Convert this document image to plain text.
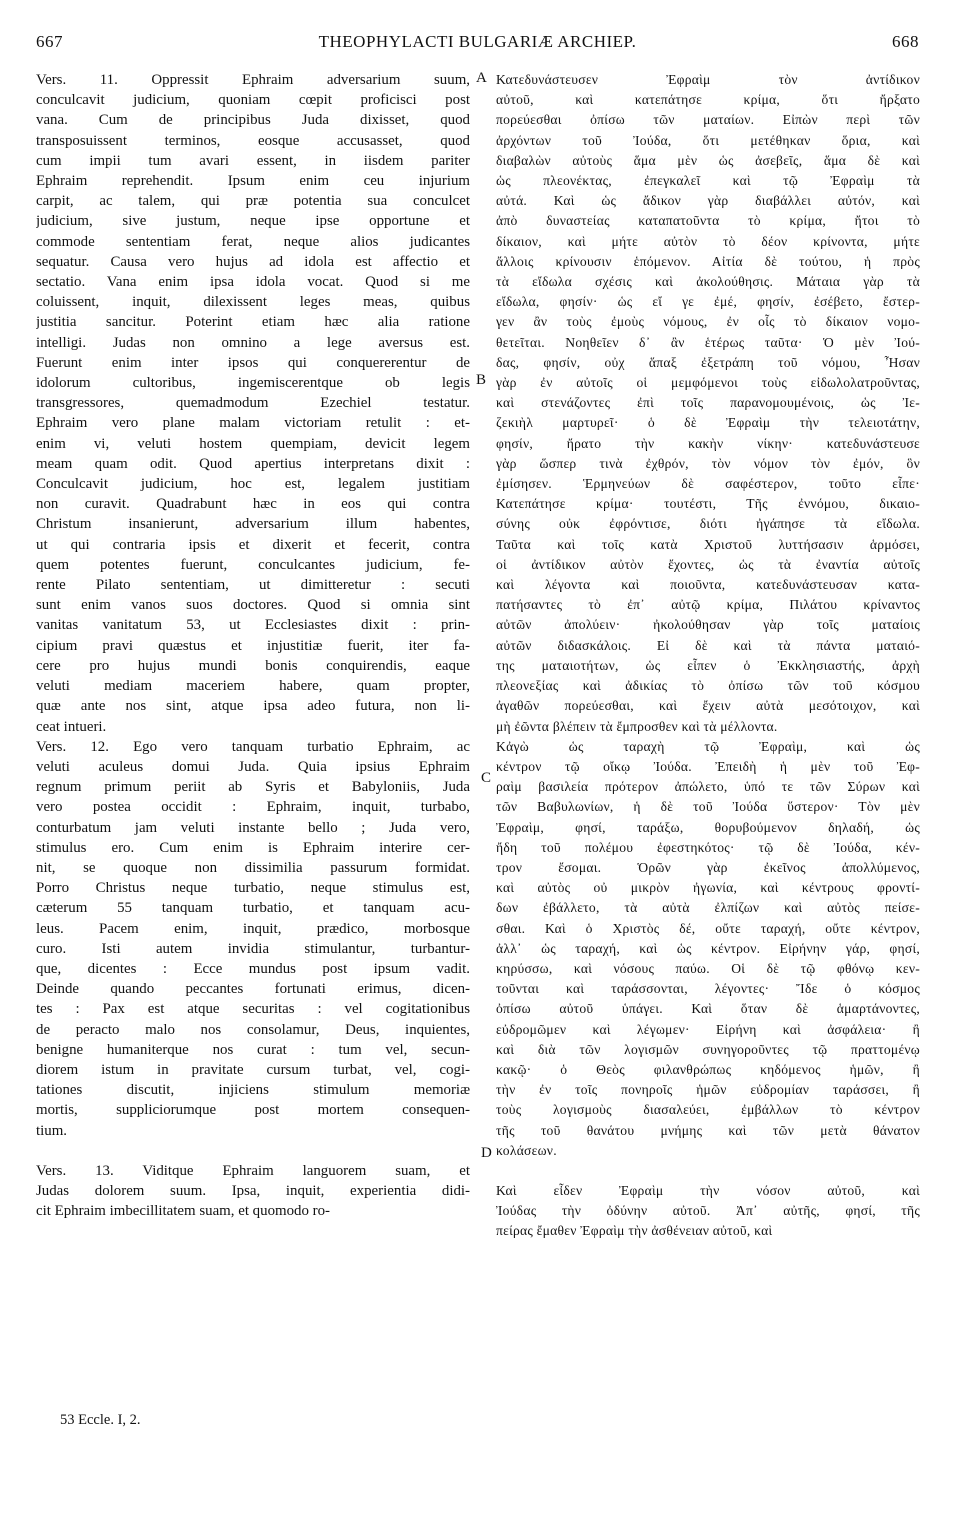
667	THEOPHYLACTI BULGARIÆ ARCHIEP.	668
Vers. 11. Oppressit Ephraim adversarium suum,
conculcavit judicium, quoniam cœpit proficisci post
vana. Cum de principibus Juda dixisset, quod
transposuissent terminos, eosque accusasset, quod
cum impii tum avari essent, in iisdem pariter
Ephraim reprehendit. Ipsum enim ceu injurium
carpit, ac talem, qui præ potentia sua conculcet
judicium, sive justum, neque ipse opportune et
commode sententiam ferat, neque alios judicantes
sequatur. Causa vero hujus ad idola est affectio et
sectatio. Vana enim ipsa idola vocat. Quod si me
coluissent, inquit, dilexissent leges meas, quibus
justitia sancitur. Poterint etiam hæc alia ratione
intelligi. Judas non omnino a lege aversus est.
Fuerunt enim inter ipsos qui conquererentur de
idolorum cultoribus, ingemiscerentque ob legis
transgressores, quemadmodum Ezechiel testatur.
Ephraim vero plane malam victoriam retulit : et-
enim vi, veluti hostem quempiam, devicit legem
meam quam odit. Quod apertius interpretans dixit :
Conculcavit judicium, hoc est, legalem justitiam
non curavit. Quadrabunt hæc in eos qui contra
Christum insanierunt, adversarium illum habentes,
ut qui contraria ipsis et dixerit et fecerit, contra
quem potentes fuerunt, conculcantes judicium, fe-
rente Pilato sententiam, ut dimitteretur : secuti
sunt enim vanos suos doctores. Quod si omnia sint
vanitas vanitatum 53, ut Ecclesiastes dixit : prin-
cipium pravi quæstus et injustitiæ fuerit, iter fa-
cere pro hujus mundi bonis conquirendis, eaque
veluti mediam maceriem habere, quam propter,
quæ ante nos sint, atque ipsa adeo futura, non li-
ceat intueri.
Vers. 12. Ego vero tanquam turbatio Ephraim, ac
veluti aculeus domui Juda. Quia ipsius Ephraim
regnum primum periit ab Syris et Babyloniis, Juda
vero postea occidit : Ephraim, inquit, turbabo,
conturbatum jam veluti instante bello ; Juda vero,
stimulus ero. Cum enim is Ephraim interire cer-
nit, se quoque non dissimilia passurum formidat.
Porro Christus neque turbatio, neque stimulus est,
cæterum 55 tanquam turbatio, et tanquam acu-
leus. Pacem enim, inquit, prædico, morbosque
curo. Isti autem invidia stimulantur, turbantur-
que, dicentes : Ecce mundus post ipsum vadit.
Deinde quando peccantes fortunati erimus, dicen-
tes : Pax est atque securitas : vel cogitationibus
de peracto malo nos consolamur, Deus, inquientes,
benigne humaniterque nos curat : tum vel, secun-
diorem istum in pravitate cursum turbat, vel, cogi-
tationes discutit, injiciens stimulum memoriæ
mortis, suppliciorumque post mortem consequen-
tium.
Vers. 13. Viditque Ephraim languorem suam, et
Judas dolorem suum. Ipsa, inquit, experientia didi-
cit Ephraim imbecillitatem suam, et quomodo ro-
Κατεδυνάστευσεν Ἐφραὶμ τὸν ἀντίδικον
αὐτοῦ, καὶ κατεπάτησε κρίμα, ὅτι ἤρξατο
πορεύεσθαι ὀπίσω τῶν ματαίων. Εἰπὼν περὶ τῶν
ἀρχόντων τοῦ Ἰούδα, ὅτι μετέθηκαν ὅρια, καὶ
διαβαλὼν αὐτοὺς ἅμα μὲν ὡς ἀσεβεῖς, ἅμα δὲ καὶ
ὡς πλεονέκτας, ἐπεγκαλεῖ καὶ τῷ Ἐφραὶμ τὰ
αὐτά. Καὶ ὡς ἄδικον γὰρ διαβάλλει αὐτόν, καὶ
ἀπὸ δυναστείας καταπατοῦντα τὸ κρίμα, ἤτοι τὸ
δίκαιον, καὶ μήτε αὐτὸν τὸ δέον κρίνοντα, μήτε
ἄλλοις κρίνουσιν ἑπόμενον. Αἰτία δὲ τούτου, ἡ πρὸς
τὰ εἴδωλα σχέσις καὶ ἀκολούθησις. Μάταια γὰρ τὰ
εἴδωλα, φησίν· ὡς εἴ γε ἐμέ, φησίν, ἐσέβετο, ἔστερ-
γεν ἂν τοὺς ἐμοὺς νόμους, ἐν οἷς τὸ δίκαιον νομο-
θετεῖται. Νοηθεῖεν δ᾽ ἂν ἑτέρως ταῦτα· Ὁ μὲν Ἰού-
δας, φησίν, οὐχ ἅπαξ ἐξετράπη τοῦ νόμου, Ἦσαν
γὰρ ἐν αὐτοῖς οἱ μεμφόμενοι τοὺς εἰδωλολατροῦντας,
καὶ στενάζοντες ἐπὶ τοῖς παρανομουμένοις, ὡς Ἰε-
ζεκιὴλ μαρτυρεῖ· ὁ δὲ Ἐφραὶμ τὴν τελειοτάτην,
φησίν, ἤρατο τὴν κακὴν νίκην· κατεδυνάστευσε
γὰρ ὥσπερ τινὰ ἐχθρόν, τὸν νόμον τὸν ἐμόν, ὃν
ἐμίσησεν. Ἑρμηνεύων δὲ σαφέστερον, τοῦτο εἶπε·
Κατεπάτησε κρίμα· τουτέστι, Τῆς ἐννόμου, δικαιο-
σύνης οὐκ ἐφρόντισε, διότι ἠγάπησε τὰ εἴδωλα.
Ταῦτα καὶ τοῖς κατὰ Χριστοῦ λυττήσασιν ἁρμόσει,
οἱ ἀντίδικον αὐτὸν ἔχοντες, ὡς τὰ ἐναντία αὐτοῖς
καὶ λέγοντα καὶ ποιοῦντα, κατεδυνάστευσαν κατα-
πατήσαντες τὸ ἐπ᾽ αὐτῷ κρίμα, Πιλάτου κρίναντος
αὐτῶν ἀπολύειν· ἠκολούθησαν γὰρ τοῖς ματαίοις
αὐτῶν διδασκάλοις. Εἰ δὲ καὶ τὰ πάντα ματαιό-
της ματαιοτήτων, ὡς εἶπεν ὁ Ἐκκλησιαστής, ἀρχὴ
πλεονεξίας καὶ ἀδικίας τὸ ὀπίσω τῶν τοῦ κόσμου
ἀγαθῶν πορεύεσθαι, καὶ ἔχειν αὐτὰ μεσότοιχον, καὶ
μὴ ἐῶντα βλέπειν τὰ ἔμπροσθεν καὶ τὰ μέλλοντα.
Κἀγὼ ὡς ταραχὴ τῷ Ἐφραὶμ, καὶ ὡς
κέντρον τῷ οἴκῳ Ἰούδα. Ἐπειδὴ ἡ μὲν τοῦ Ἐφ-
ραὶμ βασιλεία πρότερον ἀπώλετο, ὑπό τε τῶν Σύρων καὶ
τῶν Βαβυλωνίων, ἡ δὲ τοῦ Ἰούδα ὕστερον· Τὸν μὲν
Ἐφραὶμ, φησί, ταράξω, θορυβούμενον δηλαδή, ὡς
ἤδη τοῦ πολέμου ἐφεστηκότος· τῷ δὲ Ἰούδα, κέν-
τρον ἔσομαι. Ὁρῶν γὰρ ἐκεῖνος ἀπολλύμενος,
καὶ αὐτὸς οὐ μικρὸν ἠγωνία, καὶ κέντρους φροντί-
δων ἐβάλλετο, τὰ αὐτὰ ἐλπίζων καὶ αὐτὸς πείσε-
σθαι. Καὶ ὁ Χριστὸς δέ, οὔτε ταραχή, οὔτε κέντρον,
ἀλλ᾽ ὡς ταραχή, καὶ ὡς κέντρον. Εἰρήνην γάρ, φησί,
κηρύσσω, καὶ νόσους παύω. Οἱ δὲ τῷ φθόνῳ κεν-
τοῦνται καὶ ταράσσονται, λέγοντες· Ἴδε ὁ κόσμος
ὀπίσω αὐτοῦ ὑπάγει. Καὶ ὅταν δὲ ἁμαρτάνοντες,
εὐδρομῶμεν καὶ λέγωμεν· Εἰρήνη καὶ ἀσφάλεια· ἢ
καὶ διὰ τῶν λογισμῶν συνηγοροῦντες τῷ πραττομένῳ
κακῷ· ὁ Θεὸς φιλανθρώπως κηδόμενος ἡμῶν, ἢ
τὴν ἐν τοῖς πονηροῖς ἡμῶν εὐδρομίαν ταράσσει, ἢ
τοὺς λογισμοὺς διασαλεύει, ἐμβάλλων τὸ κέντρον
τῆς τοῦ θανάτου μνήμης καὶ τῶν μετὰ θάνατον
κολάσεων.
Καὶ εἶδεν Ἐφραὶμ τὴν νόσον αὐτοῦ, καὶ
Ἰούδας τὴν ὀδύνην αὐτοῦ. Ἀπ᾽ αὐτῆς, φησί, τῆς
πείρας ἔμαθεν Ἐφραὶμ τὴν ἀσθένειαν αὐτοῦ, καὶ
A
B
C
D
53 Eccle. I, 2.
